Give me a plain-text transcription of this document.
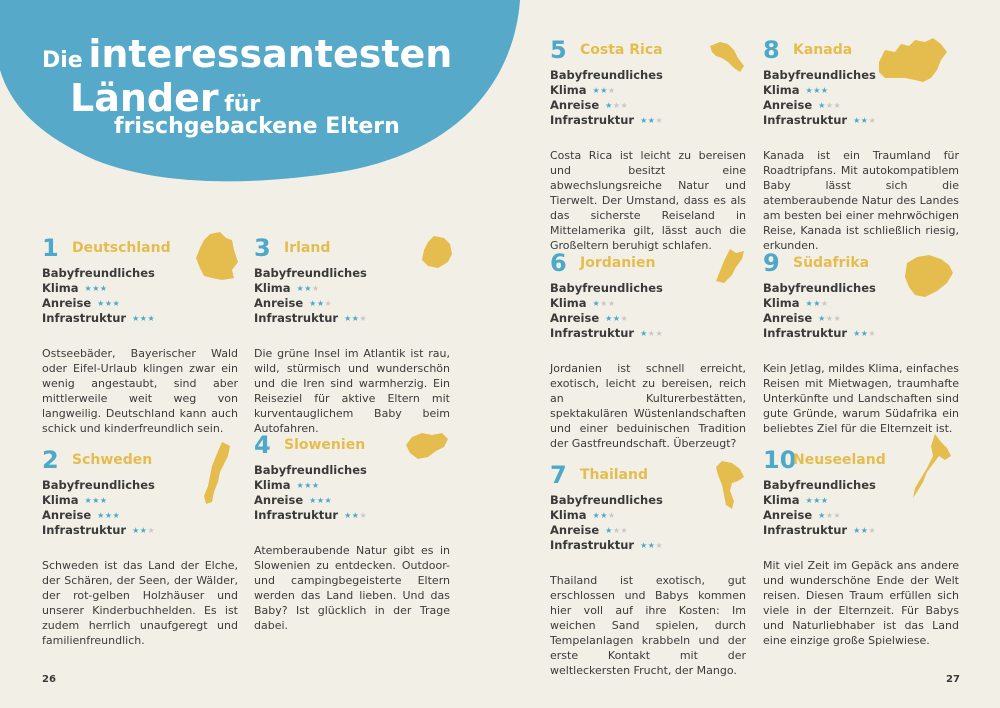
Die interessantesten
Länder für
frischgebackene Eltern
1 Deutschland
Babyfreundliches
Klima ★★★
Anreise ★★★
Infrastruktur ★★★
Ostseebäder, Bayerischer Wald oder Eifel-Urlaub klingen zwar ein wenig angestaubt, sind aber mittlerweile weit weg von langweilig. Deutschland kann auch schick und kinderfreundlich sein.
2 Schweden
Babyfreundliches
Klima ★★★
Anreise ★★★
Infrastruktur ★★★
Schweden ist das Land der Elche, der Schären, der Seen, der Wälder, der rot-gelben Holzhäuser und unserer Kinderbuchhelden. Es ist zudem herrlich unaufgeregt und familienfreundlich.
3 Irland
Babyfreundliches
Klima ★★★
Anreise ★★★
Infrastruktur ★★★
Die grüne Insel im Atlantik ist rau, wild, stürmisch und wunderschön und die Iren sind warmherzig. Ein Reiseziel für aktive Eltern mit kurventauglichem Baby beim Autofahren.
4 Slowenien
Babyfreundliches
Klima ★★★
Anreise ★★★
Infrastruktur ★★★
Atemberaubende Natur gibt es in Slowenien zu entdecken. Outdoor- und campingbegeisterte Eltern werden das Land lieben. Und das Baby? Ist glücklich in der Trage dabei.
5 Costa Rica
Babyfreundliches
Klima ★★★
Anreise ★★★
Infrastruktur ★★★
Costa Rica ist leicht zu bereisen und besitzt eine abwechslungsreiche Natur und Tierwelt. Der Umstand, dass es als das sicherste Reiseland in Mittelamerika gilt, lässt auch die Großeltern beruhigt schlafen.
6 Jordanien
Babyfreundliches
Klima ★★★
Anreise ★★★
Infrastruktur ★★★
Jordanien ist schnell erreicht, exotisch, leicht zu bereisen, reich an Kulturerbestätten, spektakulären Wüstenlandschaften und einer beduinischen Tradition der Gastfreundschaft. Überzeugt?
7 Thailand
Babyfreundliches
Klima ★★★
Anreise ★★★
Infrastruktur ★★★
Thailand ist exotisch, gut erschlossen und Babys kommen hier voll auf ihre Kosten: Im weichen Sand spielen, durch Tempelanlagen krabbeln und der erste Kontakt mit der weltleckersten Frucht, der Mango.
8 Kanada
Babyfreundliches
Klima ★★★
Anreise ★★★
Infrastruktur ★★★
Kanada ist ein Traumland für Roadtripfans. Mit autokompatiblem Baby lässt sich die atemberaubende Natur des Landes am besten bei einer mehrwöchigen Reise, Kanada ist schließlich riesig, erkunden.
9 Südafrika
Babyfreundliches
Klima ★★★
Anreise ★★★
Infrastruktur ★★★
Kein Jetlag, mildes Klima, einfaches Reisen mit Mietwagen, traumhafte Unterkünfte und Landschaften sind gute Gründe, warum Südafrika ein beliebtes Ziel für die Elternzeit ist.
10
Neuseeland
Babyfreundliches
Klima ★★★
Anreise ★★★
Infrastruktur ★★★
Mit viel Zeit im Gepäck ans andere und wunderschöne Ende der Welt reisen. Diesen Traum erfüllen sich viele in der Elternzeit. Für Babys und Naturliebhaber ist das Land eine einzige große Spielwiese.
26	27
